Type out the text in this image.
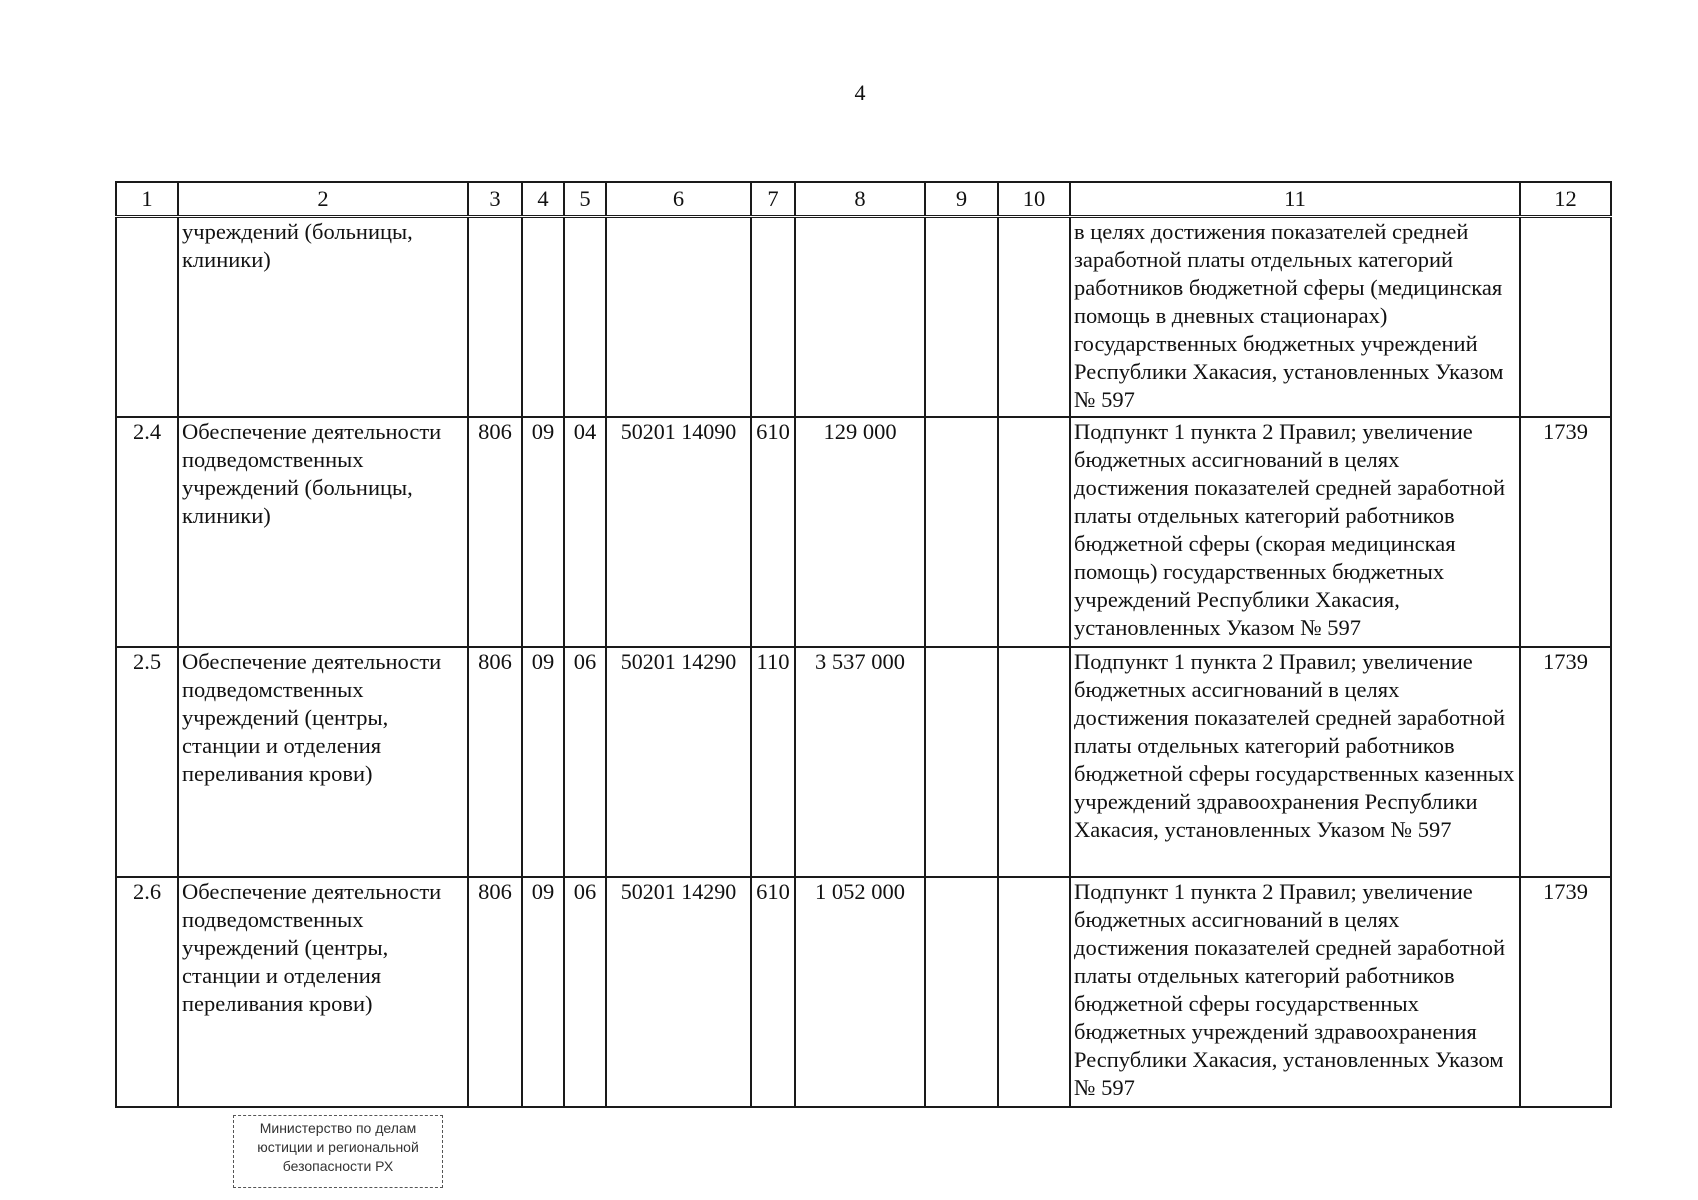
4
1	2	3	4	5	6	7	8	9	10	11	12
	учреждений (больницы, клиники)									в целях достижения показателей средней заработной платы отдельных категорий работников бюджетной сферы (медицинская помощь в дневных стационарах) государственных бюджетных учреждений Республики Хакасия, установленных Указом № 597	
2.4	Обеспечение деятельности подведомственных учреждений (больницы, клиники)	806	09	04	50201 14090	610	129 000			Подпункт 1 пункта 2 Правил; увеличение бюджетных ассигнований в целях достижения показателей средней заработной платы отдельных категорий работников бюджетной сферы (скорая медицинская помощь) государственных бюджетных учреждений Республики Хакасия, установленных Указом № 597	1739
2.5	Обеспечение деятельности подведомственных учреждений (центры, станции и отделения переливания крови)	806	09	06	50201 14290	110	3 537 000			Подпункт 1 пункта 2 Правил; увеличение бюджетных ассигнований в целях достижения показателей средней заработной платы отдельных категорий работников бюджетной сферы государственных казенных учреждений здравоохранения Республики Хакасия, установленных Указом № 597	1739
2.6	Обеспечение деятельности подведомственных учреждений (центры, станции и отделения переливания крови)	806	09	06	50201 14290	610	1 052 000			Подпункт 1 пункта 2 Правил; увеличение бюджетных ассигнований в целях достижения показателей средней заработной платы отдельных категорий работников бюджетной сферы государственных бюджетных учреждений здравоохранения Республики Хакасия, установленных Указом № 597	1739
Министерство по делам
юстиции и региональной
безопасности РХ
